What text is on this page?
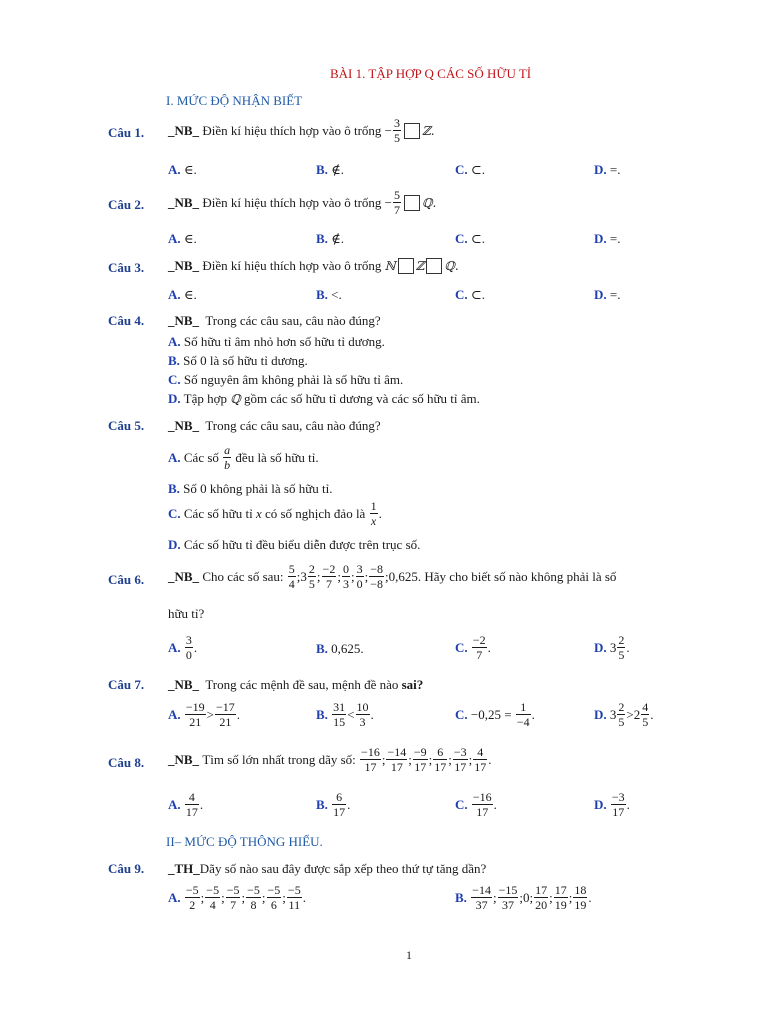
BÀI 1. TẬP HỢP Q CÁC SỐ HỮU TỈ
I. MỨC ĐỘ NHẬN BIẾT
Câu 1. _NB_
Điền kí hiệu thích hợp vào ô trống
− $\frac{3}{5}$ ℤ.
A. ∈.	B. ∉.	C. ⊂.	D. =.
Câu 2. _NB_
Điền kí hiệu thích hợp vào ô trống
− $\frac{5}{7}$ ℚ.
A. ∈.	B. ∉.	C. ⊂.	D. =.
Câu 3. _NB_
Điền kí hiệu thích hợp vào ô trống
ℕ ℤ ℚ.
A. ∈.	B. <.	C. ⊂.	D. =.
Câu 4. _NB_ Trong các câu sau, câu nào đúng?
A. Số hữu tỉ âm nhỏ hơn số hữu tỉ dương.
B. Số 0 là số hữu tỉ dương.
C. Số nguyên âm không phải là số hữu tỉ âm.
D. Tập hợp ℚ gồm các số hữu tỉ dương và các số hữu tỉ âm.
Câu 5. _NB_ Trong các câu sau, câu nào đúng?
A.
Các số
$\frac{a}{b}$
đều là số hữu tỉ.
B. Số 0 không phải là số hữu tỉ.
C.
Các số hữu tỉ
x
có số nghịch đảo là
$\frac{1}{x}$ .
D. Các số hữu tỉ đều biểu diễn được trên trục số.
Câu 6. _NB_
Cho các số sau:
$\frac{5}{4}$ ; $3 \frac{2}{5}$ ; $\frac{-2}{7}$ ; $\frac{0}{3}$ ; $\frac{3}{0}$ ; $\frac{-8}{-8}$ ;0,625. Hãy cho biết số nào không phải là số
hữu tỉ?
A.
$\frac{3}{0}$ .	B. 0,625.	C.
$\frac{-2}{7}$ .	D.
$3 \frac{2}{5}$ .
Câu 7. _NB_ Trong các mệnh đề sau, mệnh đề nào sai?
A.
$\frac{-19}{21} > \frac{-17}{21}$ .	B.
$\frac{31}{15} < \frac{10}{3}$ .	C.
−0,25
=
$\frac{1}{-4}$ .	D.
$3 \frac{2}{5} > 2 \frac{4}{5}$ .
Câu 8. _NB_
Tìm số lớn nhất trong dãy số:
$\frac{-16}{17}$ ; $\frac{-14}{17}$ ; $\frac{-9}{17}$ ; $\frac{6}{17}$ ; $\frac{-3}{17}$ ; $\frac{4}{17}$ .
A.
$\frac{4}{17}$ .	B.
$\frac{6}{17}$ .	C.
$\frac{-16}{17}$ .	D.
$\frac{-3}{17}$ .
II– MỨC ĐỘ THÔNG HIỂU.
Câu 9. _TH_Dãy số nào sau đây được sắp xếp theo thứ tự tăng dần?
A.
$\frac{-5}{2}$ ; $\frac{-5}{4}$ ; $\frac{-5}{7}$ ; $\frac{-5}{8}$ ; $\frac{-5}{6}$ ; $\frac{-5}{11}$ .	B.
$\frac{-14}{37}$ ; $\frac{-15}{37}$ ;0; $\frac{17}{20}$ ; $\frac{17}{19}$ ; $\frac{18}{19}$ .
1
